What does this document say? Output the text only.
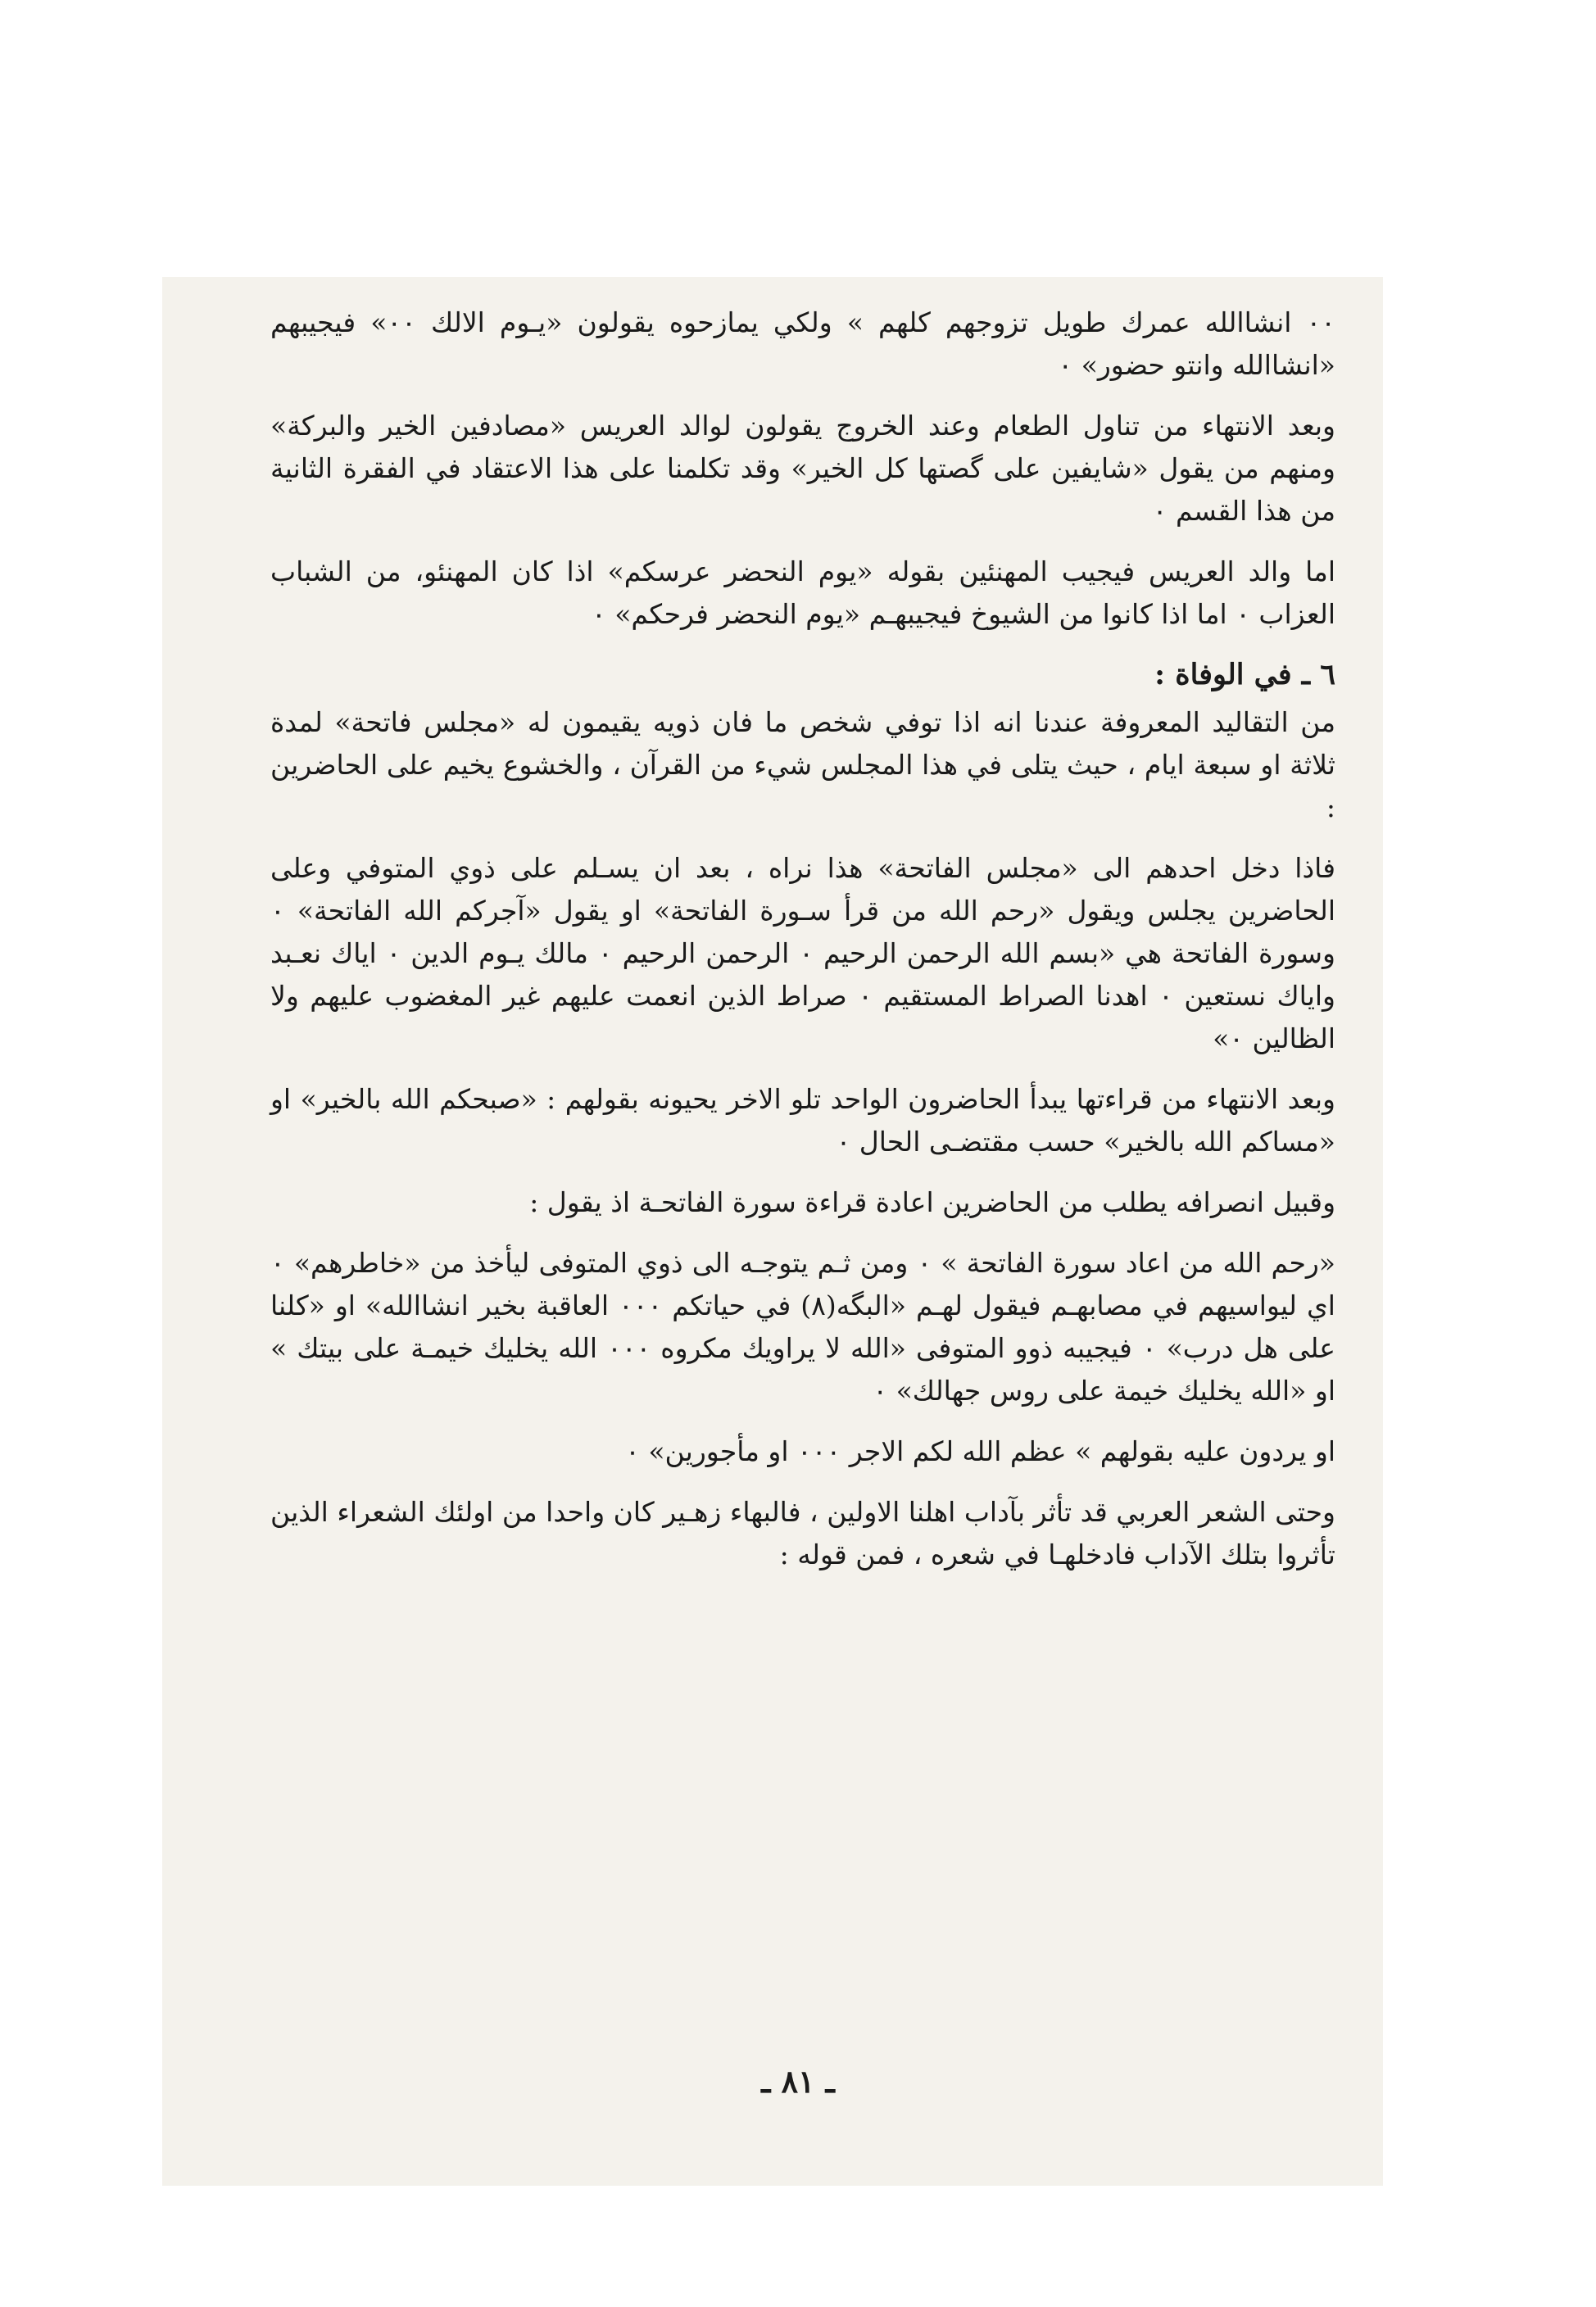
٠٠ انشاالله عمرك طويل تزوجهم كلهم » ولكي يمازحوه يقولون «يـوم الالك ٠٠» فيجيبهم «انشاالله وانتو حضور» ٠

وبعد الانتهاء من تناول الطعام وعند الخروج يقولون لوالد العريس «مصادفين الخير والبركة» ومنهم من يقول «شايفين على گصتها كل الخير» وقد تكلمنا على هذا الاعتقاد في الفقرة الثانية من هذا القسم ٠

اما والد العريس فيجيب المهنئين بقوله «يوم النحضر عرسكم» اذا كان المهنئو، من الشباب العزاب ٠ اما اذا كانوا من الشيوخ فيجيبهـم «يوم النحضر فرحكم» ٠

٦ ـ في الوفاة :

من التقاليد المعروفة عندنا انه اذا توفي شخص ما فان ذويه يقيمون له «مجلس فاتحة» لمدة ثلاثة او سبعة ايام ، حيث يتلى في هذا المجلس شيء من القرآن ، والخشوع يخيم على الحاضرين :

فاذا دخل احدهم الى «مجلس الفاتحة» هذا نراه ، بعد ان يسـلم على ذوي المتوفي وعلى الحاضرين يجلس ويقول «رحم الله من قرأ سـورة الفاتحة» او يقول «آجركم الله الفاتحة» ٠ وسورة الفاتحة هي «بسم الله الرحمن الرحيم ٠ الرحمن الرحيم ٠ مالك يـوم الدين ٠ اياك نعـبد واياك نستعين ٠ اهدنا الصراط المستقيم ٠ صراط الذين انعمت عليهم غير المغضوب عليهم ولا الظالين ٠»

وبعد الانتهاء من قراءتها يبدأ الحاضرون الواحد تلو الاخر يحيونه بقولهم : «صبحكم الله بالخير» او «مساكم الله بالخير» حسب مقتضـى الحال ٠

وقبيل انصرافه يطلب من الحاضرين اعادة قراءة سورة الفاتحـة اذ يقول :

«رحم الله من اعاد سورة الفاتحة » ٠ ومن ثـم يتوجـه الى ذوي المتوفى ليأخذ من «خاطرهم» ٠ اي ليواسيهم في مصابهـم فيقول لهـم «البگه(٨) في حياتكم ٠٠٠ العاقبة بخير انشاالله» او «كلنا على هل درب» ٠ فيجيبه ذوو المتوفى «الله لا يراويك مكروه ٠٠٠ الله يخليك خيمـة على بيتك » او «الله يخليك خيمة على روس جهالك» ٠

او يردون عليه بقولهم » عظم الله لكم الاجر ٠٠٠ او مأجورين» ٠

وحتى الشعر العربي قد تأثر بآداب اهلنا الاولين ، فالبهاء زهـير كان واحدا من اولئك الشعراء الذين تأثروا بتلك الآداب فادخلهـا في شعره ، فمن قوله :

ـ ٨١ ـ
